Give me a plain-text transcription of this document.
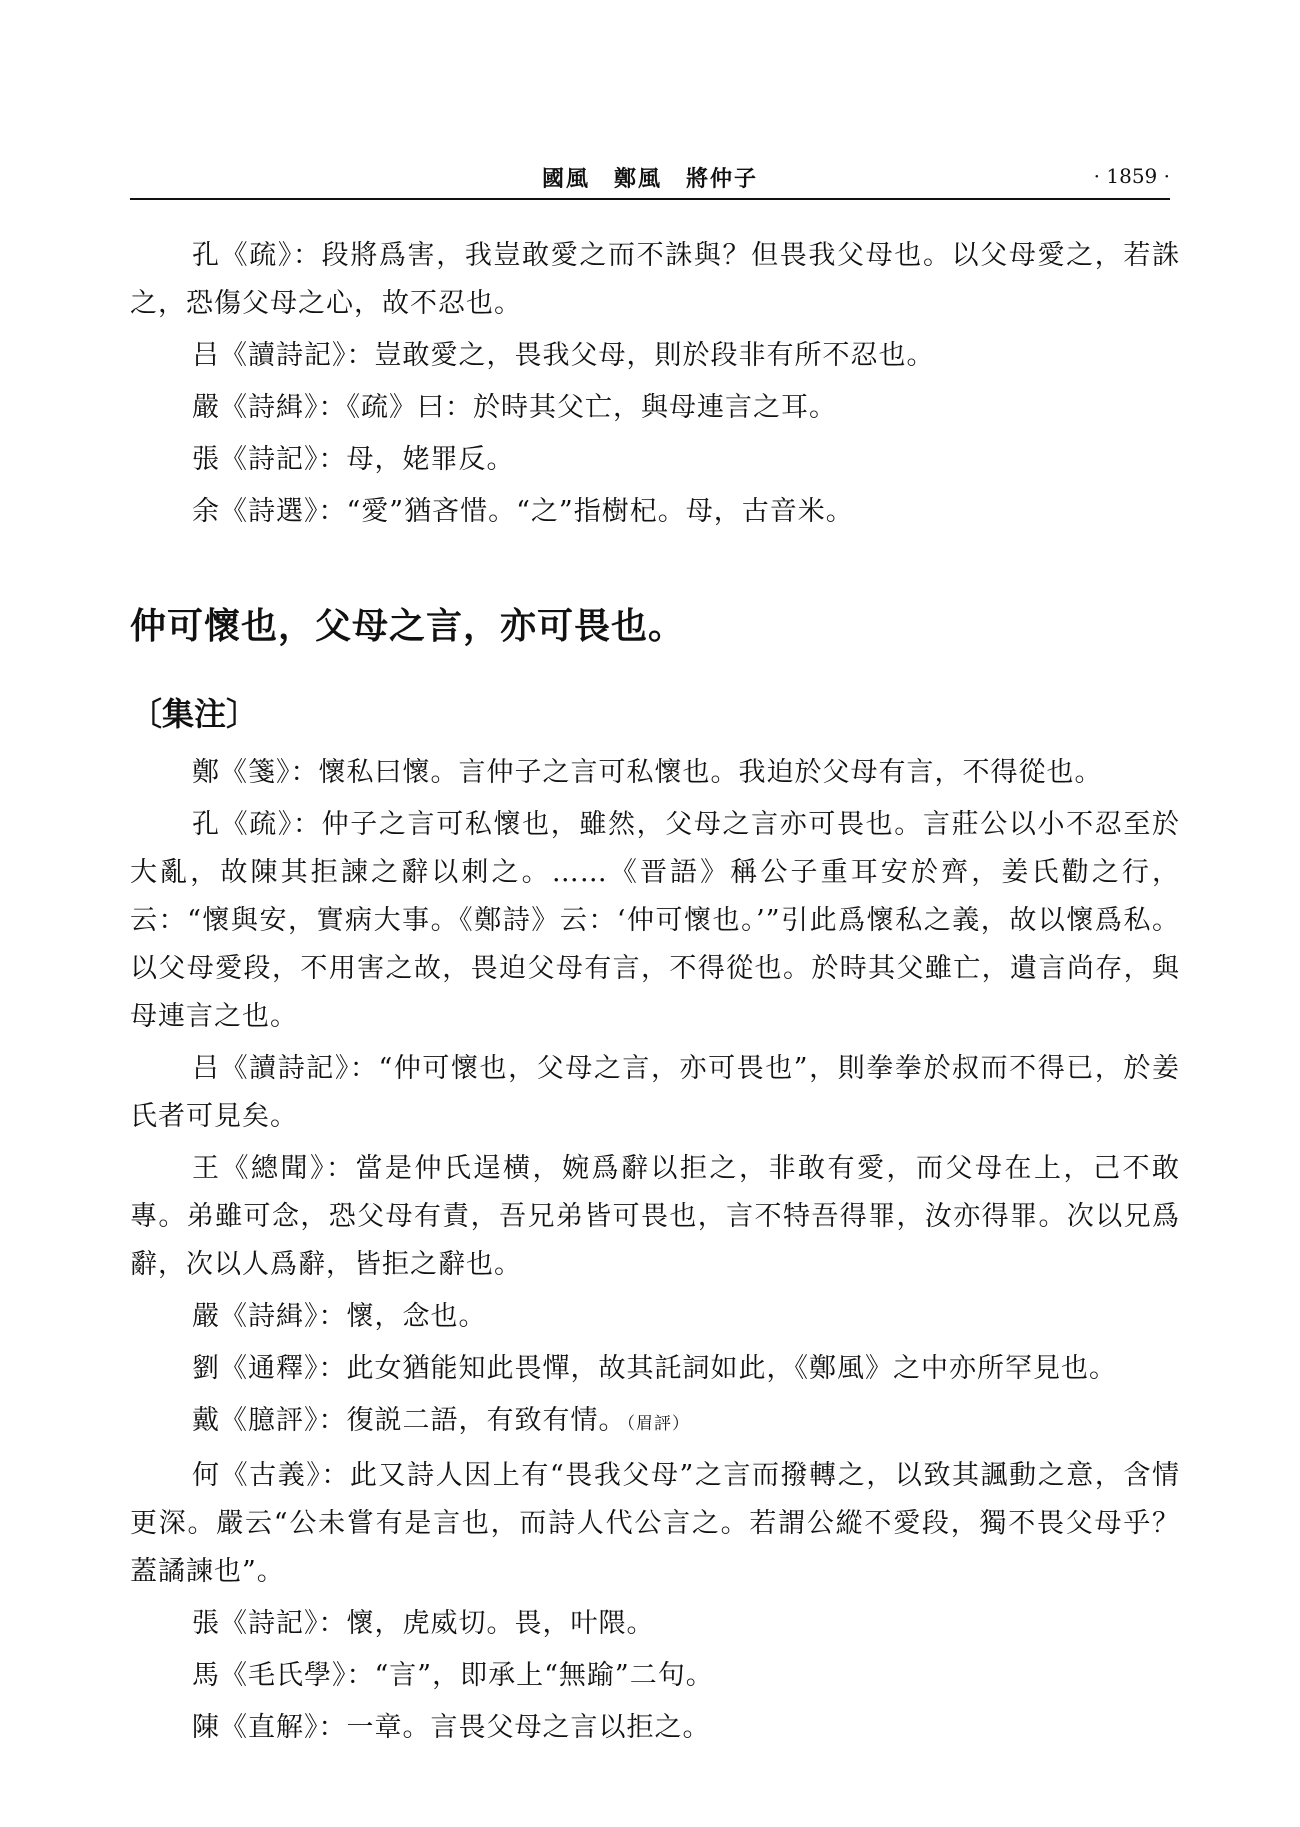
國風　鄭風　將仲子	· 1859 ·

孔《疏》：段將爲害，我豈敢愛之而不誅與？但畏我父母也。以父母愛之，若誅之，恐傷父母之心，故不忍也。

吕《讀詩記》：豈敢愛之，畏我父母，則於段非有所不忍也。

嚴《詩緝》：《疏》曰：於時其父亡，與母連言之耳。

張《詩記》：母，姥罪反。

余《詩選》：“愛”猶吝惜。“之”指樹杞。母，古音米。

仲可懷也，父母之言，亦可畏也。
〔集注〕

鄭《箋》：懷私曰懷。言仲子之言可私懷也。我迫於父母有言，不得從也。

孔《疏》：仲子之言可私懷也，雖然，父母之言亦可畏也。言莊公以小不忍至於大亂，故陳其拒諫之辭以刺之。……《晋語》稱公子重耳安於齊，姜氏勸之行，云：“懷與安，實病大事。《鄭詩》云：‘仲可懷也。’”引此爲懷私之義，故以懷爲私。以父母愛段，不用害之故，畏迫父母有言，不得從也。於時其父雖亡，遺言尚存，與母連言之也。

吕《讀詩記》：“仲可懷也，父母之言，亦可畏也”，則拳拳於叔而不得已，於姜氏者可見矣。

王《總聞》：當是仲氏逞横，婉爲辭以拒之，非敢有愛，而父母在上，己不敢專。弟雖可念，恐父母有責，吾兄弟皆可畏也，言不特吾得罪，汝亦得罪。次以兄爲辭，次以人爲辭，皆拒之辭也。

嚴《詩緝》：懷，念也。

劉《通釋》：此女猶能知此畏憚，故其託詞如此，《鄭風》之中亦所罕見也。

戴《臆評》：復説二語，有致有情。（眉評）

何《古義》：此又詩人因上有“畏我父母”之言而撥轉之，以致其諷動之意，含情更深。嚴云“公未嘗有是言也，而詩人代公言之。若謂公縱不愛段，獨不畏父母乎？蓋譎諫也”。

張《詩記》：懷，虎威切。畏，叶隈。

馬《毛氏學》：“言”，即承上“無踰”二句。

陳《直解》：一章。言畏父母之言以拒之。
